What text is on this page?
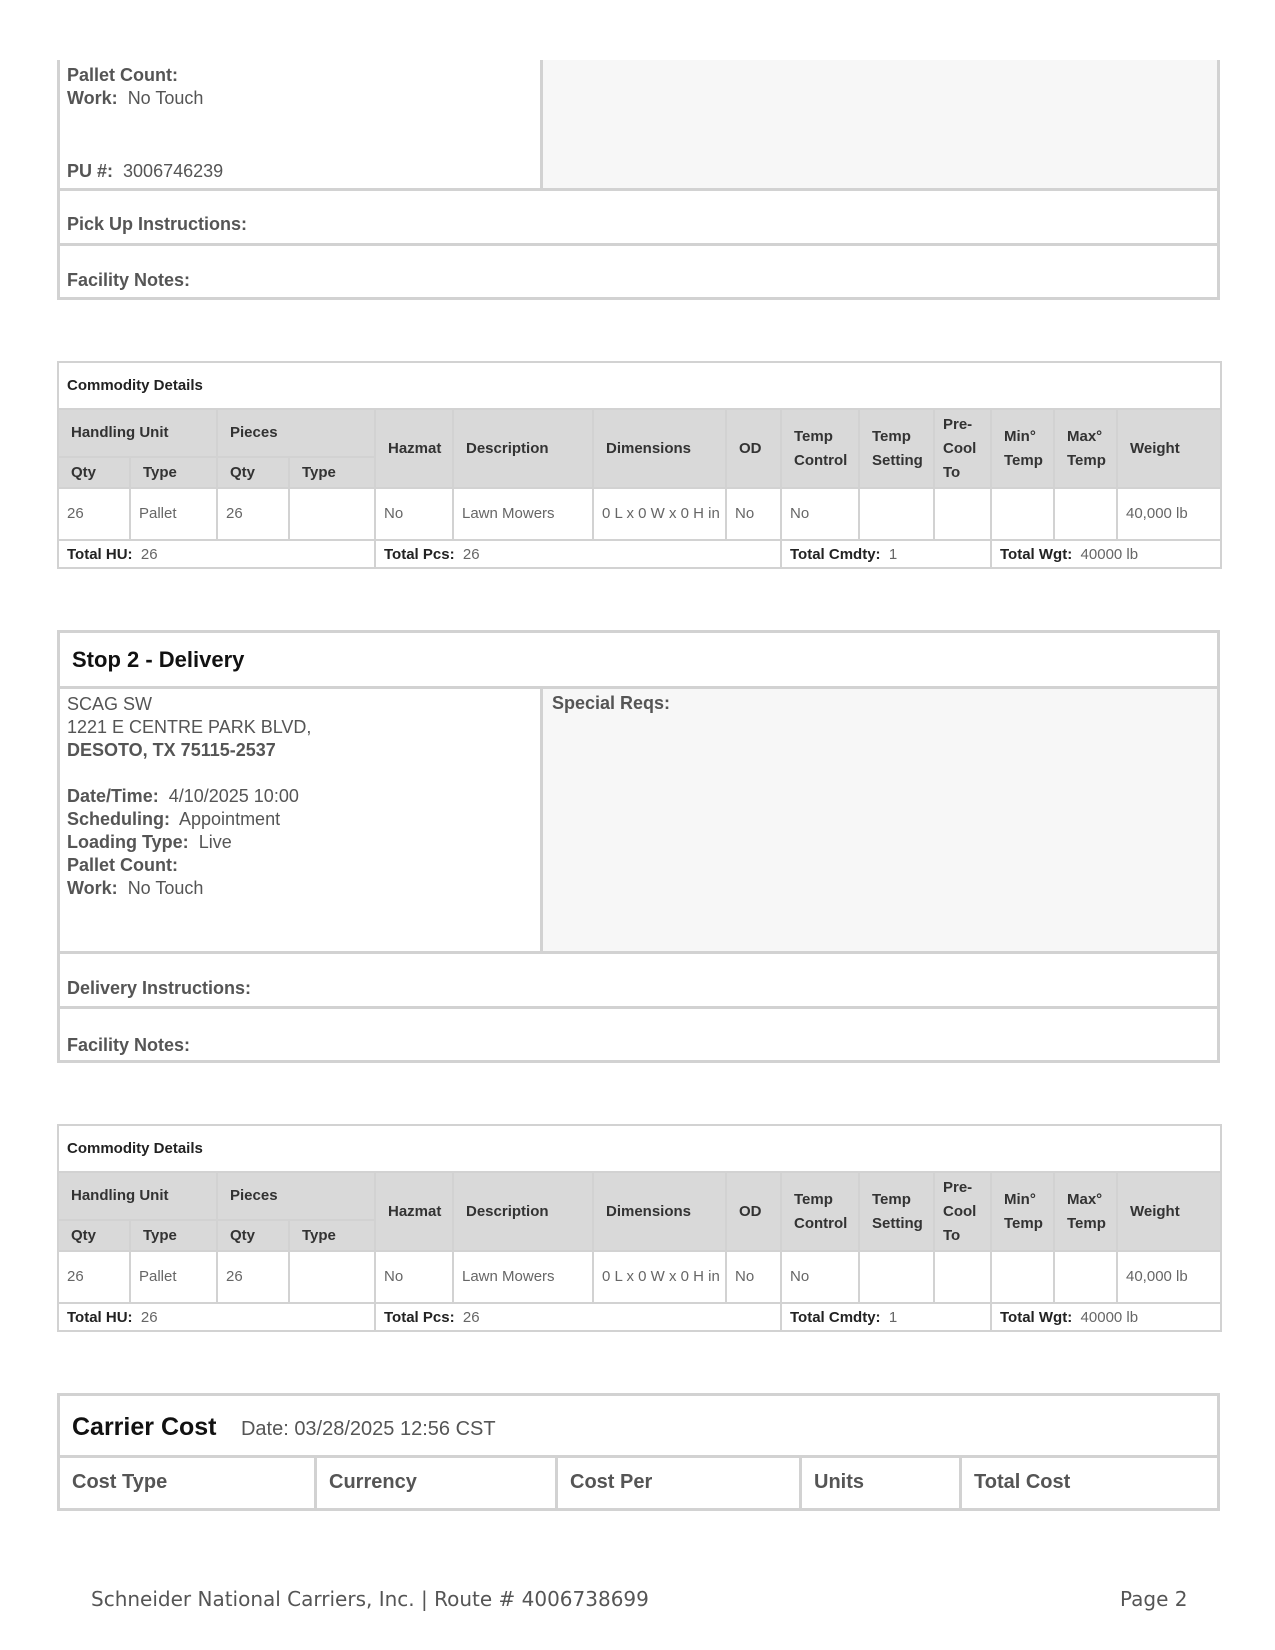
Pallet Count:
Work: No Touch
PU #: 3006746239
Pick Up Instructions:
Facility Notes:
Commodity Details													
Handling Unit		Pieces		Hazmat	Description	Dimensions	OD	Temp Control	Temp Setting	Pre-Cool To	Min° Temp	Max° Temp	Weight
Qty	Type	Qty	Type										
26	Pallet	26		No	Lawn Mowers	0 L x 0 W x 0 H in	No	No					40,000 lb
Total HU: 26				Total Pcs: 26				Total Cmdty: 1			Total Wgt: 40000 lb		
Stop 2 - Delivery
SCAG SW
1221 E CENTRE PARK BLVD,
DESOTO, TX 75115-2537
Date/Time: 4/10/2025 10:00
Scheduling: Appointment
Loading Type: Live
Pallet Count:
Work: No Touch
Special Reqs:
Delivery Instructions:
Facility Notes:
Commodity Details													
Handling Unit		Pieces		Hazmat	Description	Dimensions	OD	Temp Control	Temp Setting	Pre-Cool To	Min° Temp	Max° Temp	Weight
Qty	Type	Qty	Type										
26	Pallet	26		No	Lawn Mowers	0 L x 0 W x 0 H in	No	No					40,000 lb
Total HU: 26				Total Pcs: 26				Total Cmdty: 1			Total Wgt: 40000 lb		
Carrier Cost Date: 03/28/2025 12:56 CST
Cost Type	Currency	Cost Per	Units	Total Cost
Schneider National Carriers, Inc. | Route # 4006738699	Page 2
